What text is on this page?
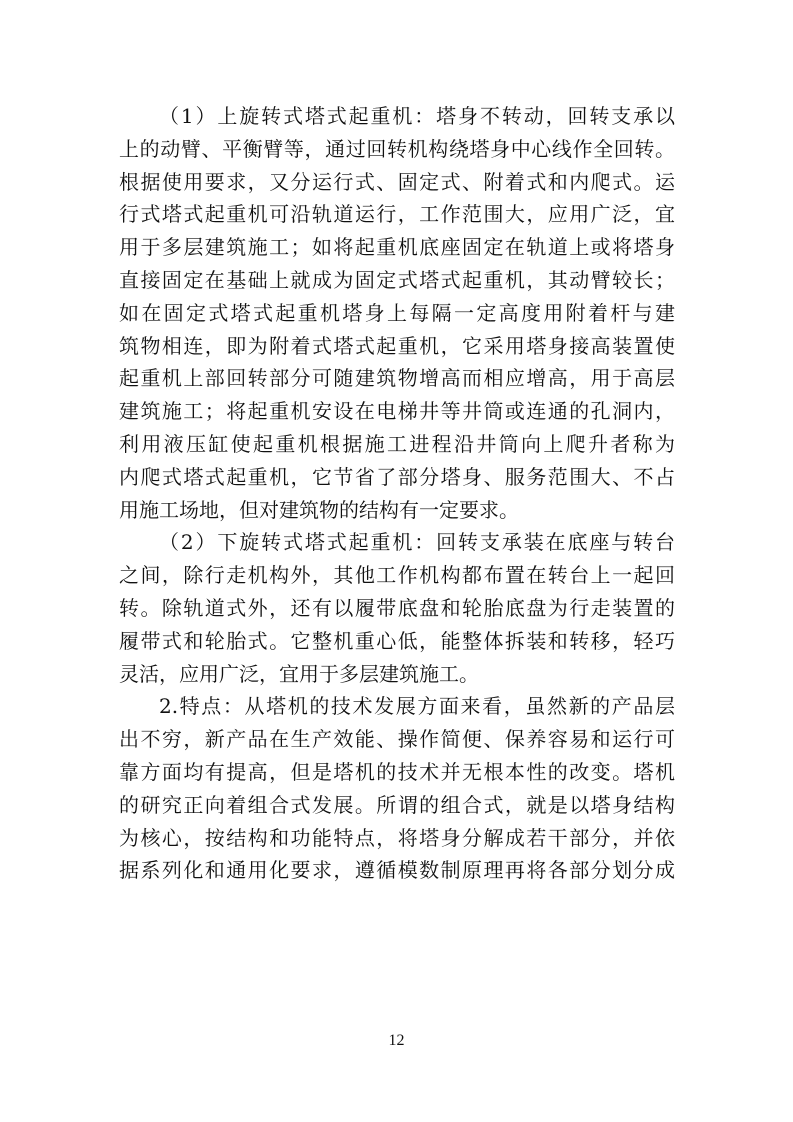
（1）上旋转式塔式起重机：塔身不转动，回转支承以
上的动臂、平衡臂等，通过回转机构绕塔身中心线作全回转。
根据使用要求，又分运行式、固定式、附着式和内爬式。运
行式塔式起重机可沿轨道运行，工作范围大，应用广泛，宜
用于多层建筑施工；如将起重机底座固定在轨道上或将塔身
直接固定在基础上就成为固定式塔式起重机，其动臂较长；
如在固定式塔式起重机塔身上每隔一定高度用附着杆与建
筑物相连，即为附着式塔式起重机，它采用塔身接高装置使
起重机上部回转部分可随建筑物增高而相应增高，用于高层
建筑施工；将起重机安设在电梯井等井筒或连通的孔洞内，
利用液压缸使起重机根据施工进程沿井筒向上爬升者称为
内爬式塔式起重机，它节省了部分塔身、服务范围大、不占
用施工场地，但对建筑物的结构有一定要求。
（2）下旋转式塔式起重机：回转支承装在底座与转台
之间，除行走机构外，其他工作机构都布置在转台上一起回
转。除轨道式外，还有以履带底盘和轮胎底盘为行走装置的
履带式和轮胎式。它整机重心低，能整体拆装和转移，轻巧
灵活，应用广泛，宜用于多层建筑施工。
2.特点：从塔机的技术发展方面来看，虽然新的产品层
出不穷，新产品在生产效能、操作简便、保养容易和运行可
靠方面均有提高，但是塔机的技术并无根本性的改变。塔机
的研究正向着组合式发展。所谓的组合式，就是以塔身结构
为核心，按结构和功能特点，将塔身分解成若干部分，并依
据系列化和通用化要求，遵循模数制原理再将各部分划分成
12
